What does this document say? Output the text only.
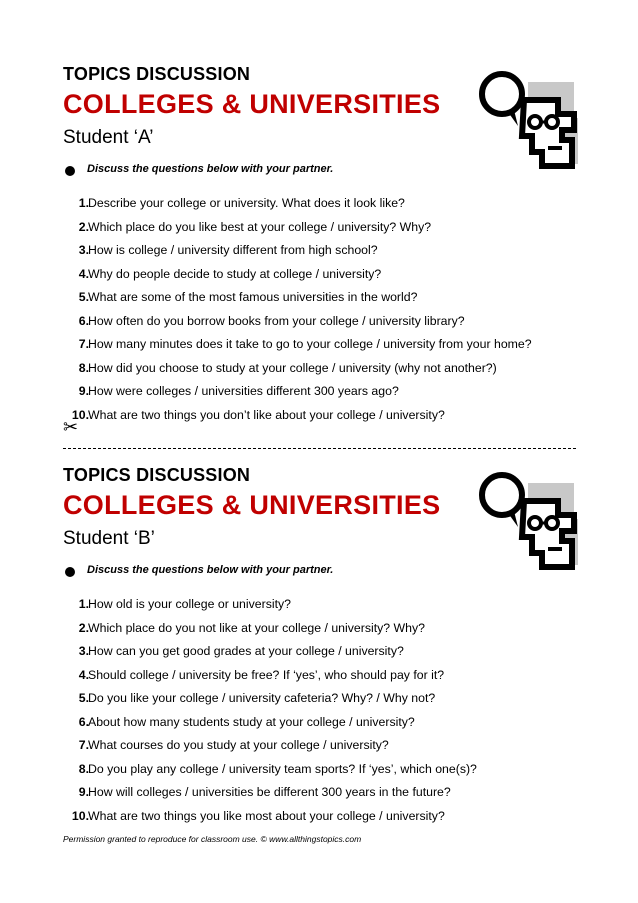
TOPICS DISCUSSION
COLLEGES & UNIVERSITIES
Student ‘A’
Discuss the questions below with your partner.
1. Describe your college or university. What does it look like?
2. Which place do you like best at your college / university? Why?
3. How is college / university different from high school?
4. Why do people decide to study at college / university?
5. What are some of the most famous universities in the world?
6. How often do you borrow books from your college / university library?
7. How many minutes does it take to go to your college / university from your home?
8. How did you choose to study at your college / university (why not another?)
9. How were colleges / universities different 300 years ago?
10. What are two things you don’t like about your college / university?
✂
TOPICS DISCUSSION
COLLEGES & UNIVERSITIES
Student ‘B’
Discuss the questions below with your partner.
1. How old is your college or university?
2. Which place do you not like at your college / university? Why?
3. How can you get good grades at your college / university?
4. Should college / university be free? If ‘yes’, who should pay for it?
5. Do you like your college / university cafeteria? Why? / Why not?
6. About how many students study at your college / university?
7. What courses do you study at your college / university?
8. Do you play any college / university team sports? If ‘yes’, which one(s)?
9. How will colleges / universities be different 300 years in the future?
10. What are two things you like most about your college / university?
Permission granted to reproduce for classroom use. © www.allthingstopics.com
